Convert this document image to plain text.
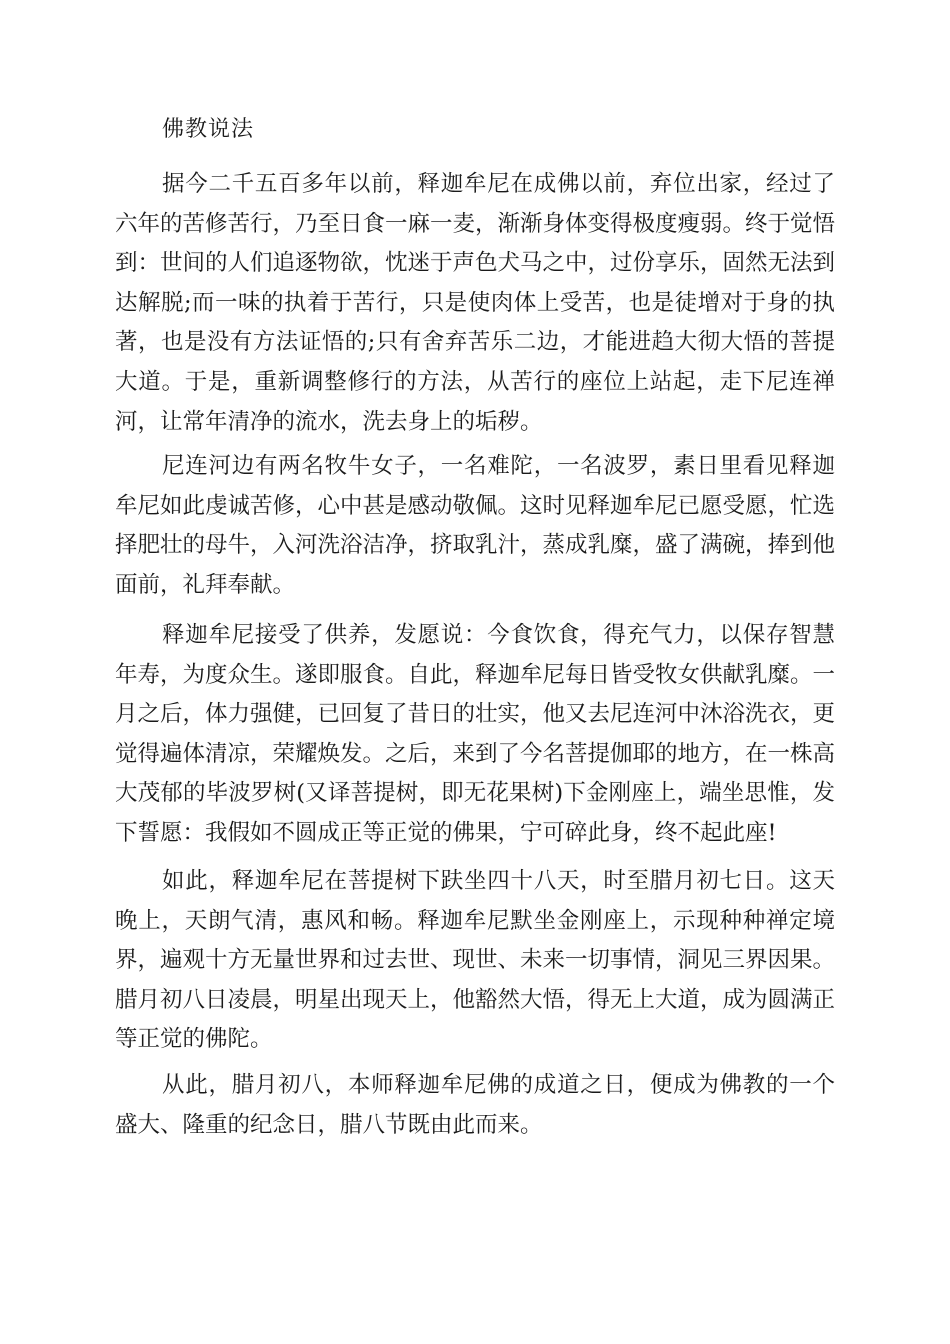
佛教说法

据今二千五百多年以前，释迦牟尼在成佛以前，弃位出家，经过了六年的苦修苦行，乃至日食一麻一麦，渐渐身体变得极度瘦弱。终于觉悟到：世间的人们追逐物欲，忱迷于声色犬马之中，过份享乐，固然无法到达解脱;而一味的执着于苦行，只是使肉体上受苦，也是徒增对于身的执著，也是没有方法证悟的;只有舍弃苦乐二边，才能进趋大彻大悟的菩提大道。于是，重新调整修行的方法，从苦行的座位上站起，走下尼连禅河，让常年清净的流水，洗去身上的垢秽。

尼连河边有两名牧牛女子，一名难陀，一名波罗，素日里看见释迦牟尼如此虔诚苦修，心中甚是感动敬佩。这时见释迦牟尼已愿受愿，忙选择肥壮的母牛，入河洗浴洁净，挤取乳汁，蒸成乳糜，盛了满碗，捧到他面前，礼拜奉献。

释迦牟尼接受了供养，发愿说：今食饮食，得充气力，以保存智慧年寿，为度众生。遂即服食。自此，释迦牟尼每日皆受牧女供献乳糜。一月之后，体力强健，已回复了昔日的壮实，他又去尼连河中沐浴洗衣，更觉得遍体清凉，荣耀焕发。之后，来到了今名菩提伽耶的地方，在一株高大茂郁的毕波罗树(又译菩提树，即无花果树)下金刚座上，端坐思惟，发下誓愿：我假如不圆成正等正觉的佛果，宁可碎此身，终不起此座!

如此，释迦牟尼在菩提树下趺坐四十八天，时至腊月初七日。这天晚上，天朗气清，惠风和畅。释迦牟尼默坐金刚座上，示现种种禅定境界，遍观十方无量世界和过去世、现世、未来一切事情，洞见三界因果。腊月初八日凌晨，明星出现天上，他豁然大悟，得无上大道，成为圆满正等正觉的佛陀。

从此，腊月初八，本师释迦牟尼佛的成道之日，便成为佛教的一个盛大、隆重的纪念日，腊八节既由此而来。
